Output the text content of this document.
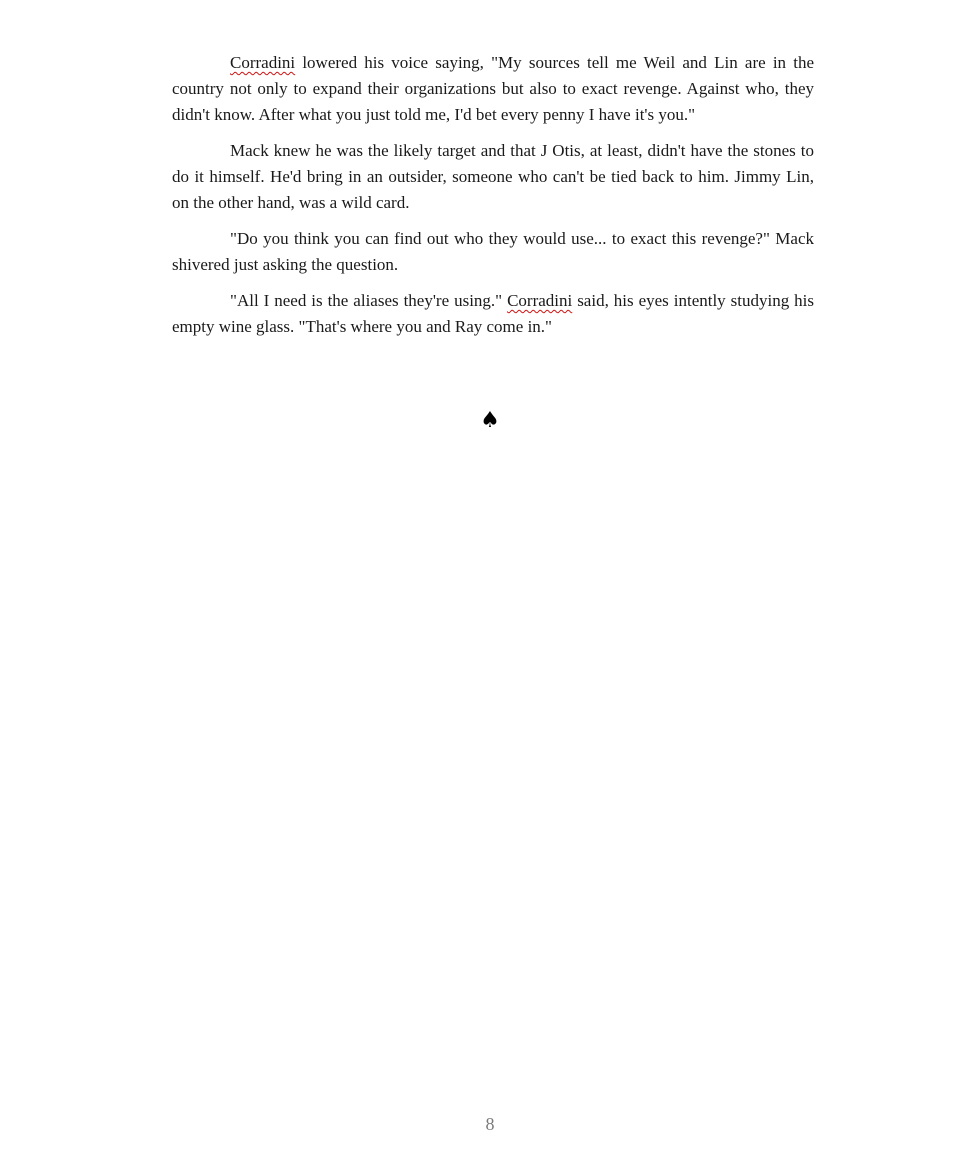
Corradini lowered his voice saying, "My sources tell me Weil and Lin are in the country not only to expand their organizations but also to exact revenge. Against who, they didn't know. After what you just told me, I'd bet every penny I have it's you."

Mack knew he was the likely target and that J Otis, at least, didn't have the stones to do it himself. He'd bring in an outsider, someone who can't be tied back to him. Jimmy Lin, on the other hand, was a wild card.

"Do you think you can find out who they would use... to exact this revenge?" Mack shivered just asking the question.

"All I need is the aliases they're using." Corradini said, his eyes intently studying his empty wine glass. "That's where you and Ray come in."

♠
8
